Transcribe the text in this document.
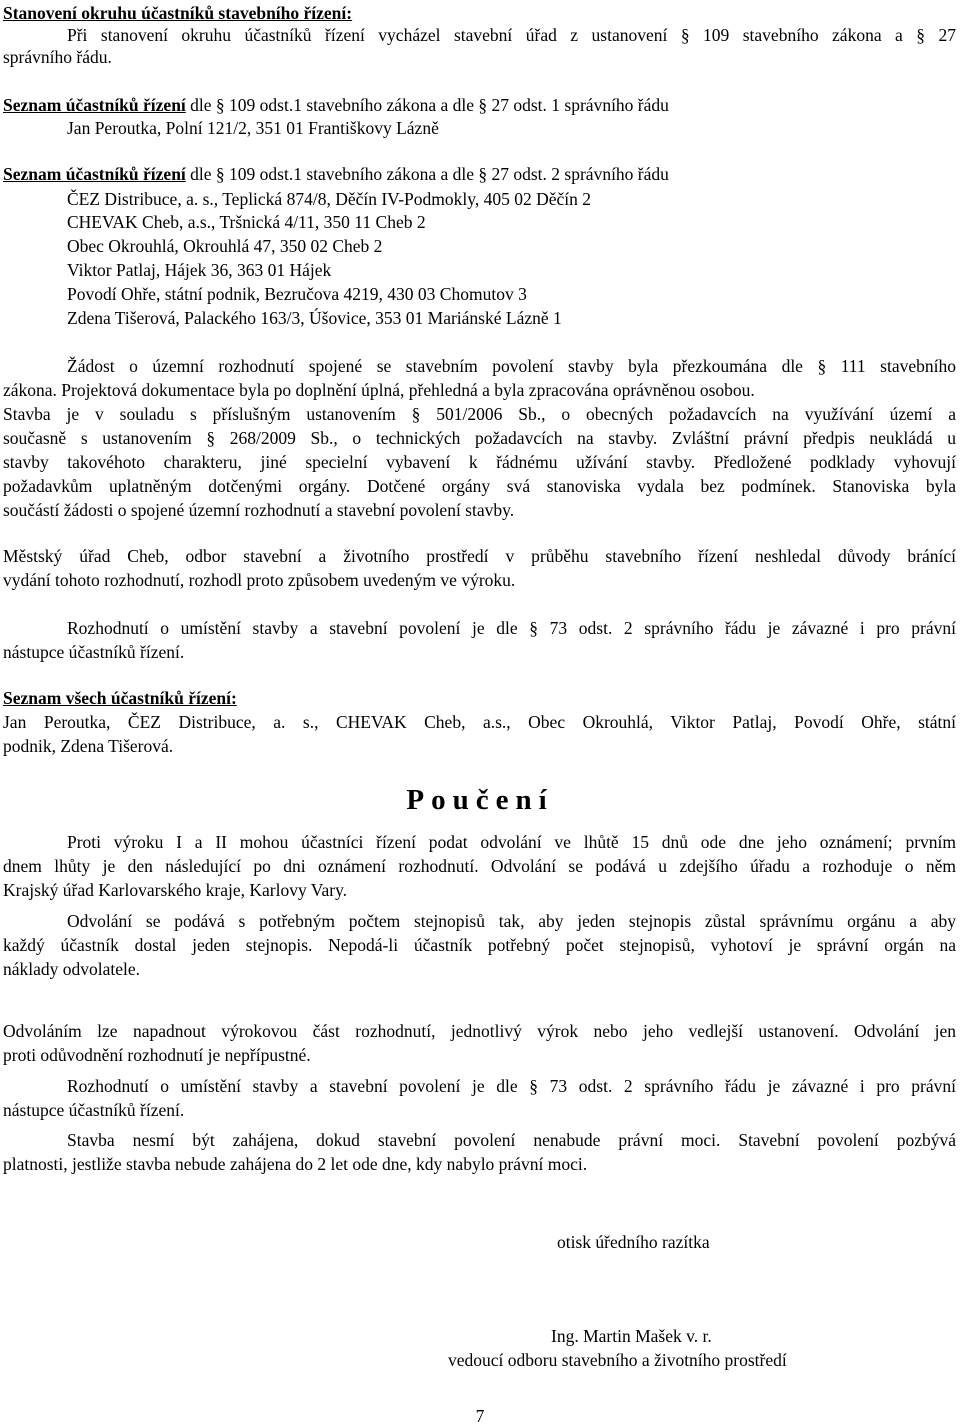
Stanovení okruhu účastníků stavebního řízení:
Při stanovení okruhu účastníků řízení vycházel stavební úřad z ustanovení § 109 stavebního zákona a § 27
správního řádu.
Seznam účastníků řízení dle § 109 odst.1 stavebního zákona a dle § 27 odst. 1 správního řádu
Jan Peroutka, Polní 121/2, 351 01 Františkovy Lázně
Seznam účastníků řízení dle § 109 odst.1 stavebního zákona a dle § 27 odst. 2 správního řádu
ČEZ Distribuce, a. s., Teplická 874/8, Děčín IV-Podmokly, 405 02 Děčín 2
CHEVAK Cheb, a.s., Tršnická 4/11, 350 11 Cheb 2
Obec Okrouhlá, Okrouhlá 47, 350 02 Cheb 2
Viktor Patlaj, Hájek 36, 363 01 Hájek
Povodí Ohře, státní podnik, Bezručova 4219, 430 03 Chomutov 3
Zdena Tišerová, Palackého 163/3, Úšovice, 353 01 Mariánské Lázně 1
Žádost o územní rozhodnutí spojené se stavebním povolení stavby byla přezkoumána dle § 111 stavebního
zákona. Projektová dokumentace byla po doplnění úplná, přehledná a byla zpracována oprávněnou osobou.
Stavba je v souladu s příslušným ustanovením § 501/2006 Sb., o obecných požadavcích na využívání území a
současně s ustanovením § 268/2009 Sb., o technických požadavcích na stavby. Zvláštní právní předpis neukládá u
stavby takovéhoto charakteru, jiné specielní vybavení k řádnému užívání stavby. Předložené podklady vyhovují
požadavkům uplatněným dotčenými orgány. Dotčené orgány svá stanoviska vydala bez podmínek. Stanoviska byla
součástí žádosti o spojené územní rozhodnutí a stavební povolení stavby.
Městský úřad Cheb, odbor stavební a životního prostředí v průběhu stavebního řízení neshledal důvody bránící
vydání tohoto rozhodnutí, rozhodl proto způsobem uvedeným ve výroku.
Rozhodnutí o umístění stavby a stavební povolení je dle § 73 odst. 2 správního řádu je závazné i pro právní
nástupce účastníků řízení.
Seznam všech účastníků řízení:
Jan Peroutka, ČEZ Distribuce, a. s., CHEVAK Cheb, a.s., Obec Okrouhlá, Viktor Patlaj, Povodí Ohře, státní
podnik, Zdena Tišerová.
Poučení
Proti výroku I a II mohou účastníci řízení podat odvolání ve lhůtě 15 dnů ode dne jeho oznámení; prvním
dnem lhůty je den následující po dni oznámení rozhodnutí. Odvolání se podává u zdejšího úřadu a rozhoduje o něm
Krajský úřad Karlovarského kraje, Karlovy Vary.
Odvolání se podává s potřebným počtem stejnopisů tak, aby jeden stejnopis zůstal správnímu orgánu a aby
každý účastník dostal jeden stejnopis. Nepodá-li účastník potřebný počet stejnopisů, vyhotoví je správní orgán na
náklady odvolatele.
Odvoláním lze napadnout výrokovou část rozhodnutí, jednotlivý výrok nebo jeho vedlejší ustanovení. Odvolání jen
proti odůvodnění rozhodnutí je nepřípustné.
Rozhodnutí o umístění stavby a stavební povolení je dle § 73 odst. 2 správního řádu je závazné i pro právní
nástupce účastníků řízení.
Stavba nesmí být zahájena, dokud stavební povolení nenabude právní moci. Stavební povolení pozbývá
platnosti, jestliže stavba nebude zahájena do 2 let ode dne, kdy nabylo právní moci.
otisk úředního razítka
Ing. Martin Mašek v. r.
vedoucí odboru stavebního a životního prostředí
7
